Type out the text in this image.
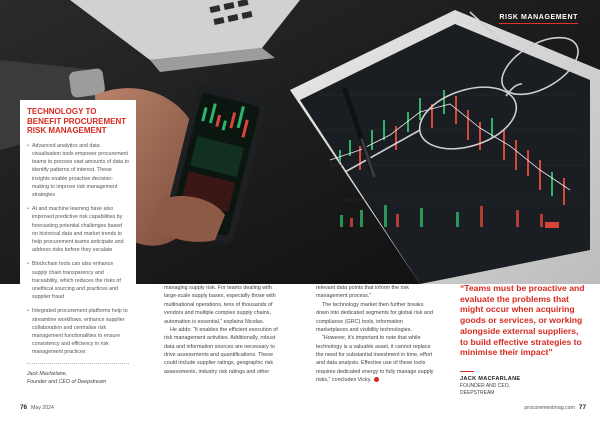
RISK MANAGEMENT
TECHNOLOGY TO BENEFIT PROCUREMENT RISK MANAGEMENT
• Advanced analytics and data visualisation tools empower procurement teams to process vast amounts of data to identify patterns of interest. These insights enable proactive decision-making to improve risk management strategies
• AI and machine learning have also improved predictive risk capabilities by forecasting potential challenges based on historical data and market trends to help procurement teams anticipate and address risks before they escalate
• Blockchain tools can also enhance supply chain transparency and traceability, which reduces the risks of unethical sourcing and practices and supplier fraud
• Integrated procurement platforms help to streamline workflows, enhance supplier collaboration and centralise risk management functionalities to ensure consistency and efficiency in risk management practices
Jack Macfarlane,
Founder and CEO of Deepstream

managing supply risk. For teams dealing with large-scale supply bases, especially those with multinational operations, tens of thousands of vendors and multiple complex supply chains, automation is essential,” explains Nicolas.

He adds: “It enables the efficient execution of risk management activities. Additionally, robust data and information sources are necessary to drive assessments and quantifications. These could include supplier ratings, geographic risk assessments, industry risk ratings and other

relevant data points that inform the risk management process.”

The technology market then further breaks down into dedicated segments for global risk and compliance (GRC) tools, information marketplaces and visibility technologies.

“However, it’s important to note that while technology is a valuable asset, it cannot replace the need for substantial investment in time, effort and data analysis. Effective use of these tools requires dedicated energy to fully manage supply risks,” concludes Vicky.

“Teams must be proactive and evaluate the problems that might occur when acquiring goods or services, or working alongside external suppliers, to build effective strategies to minimise their impact”
JACK MACFARLANE
FOUNDER AND CEO, DEEPSTREAM
76 May 2024	procurementmag.com 77
